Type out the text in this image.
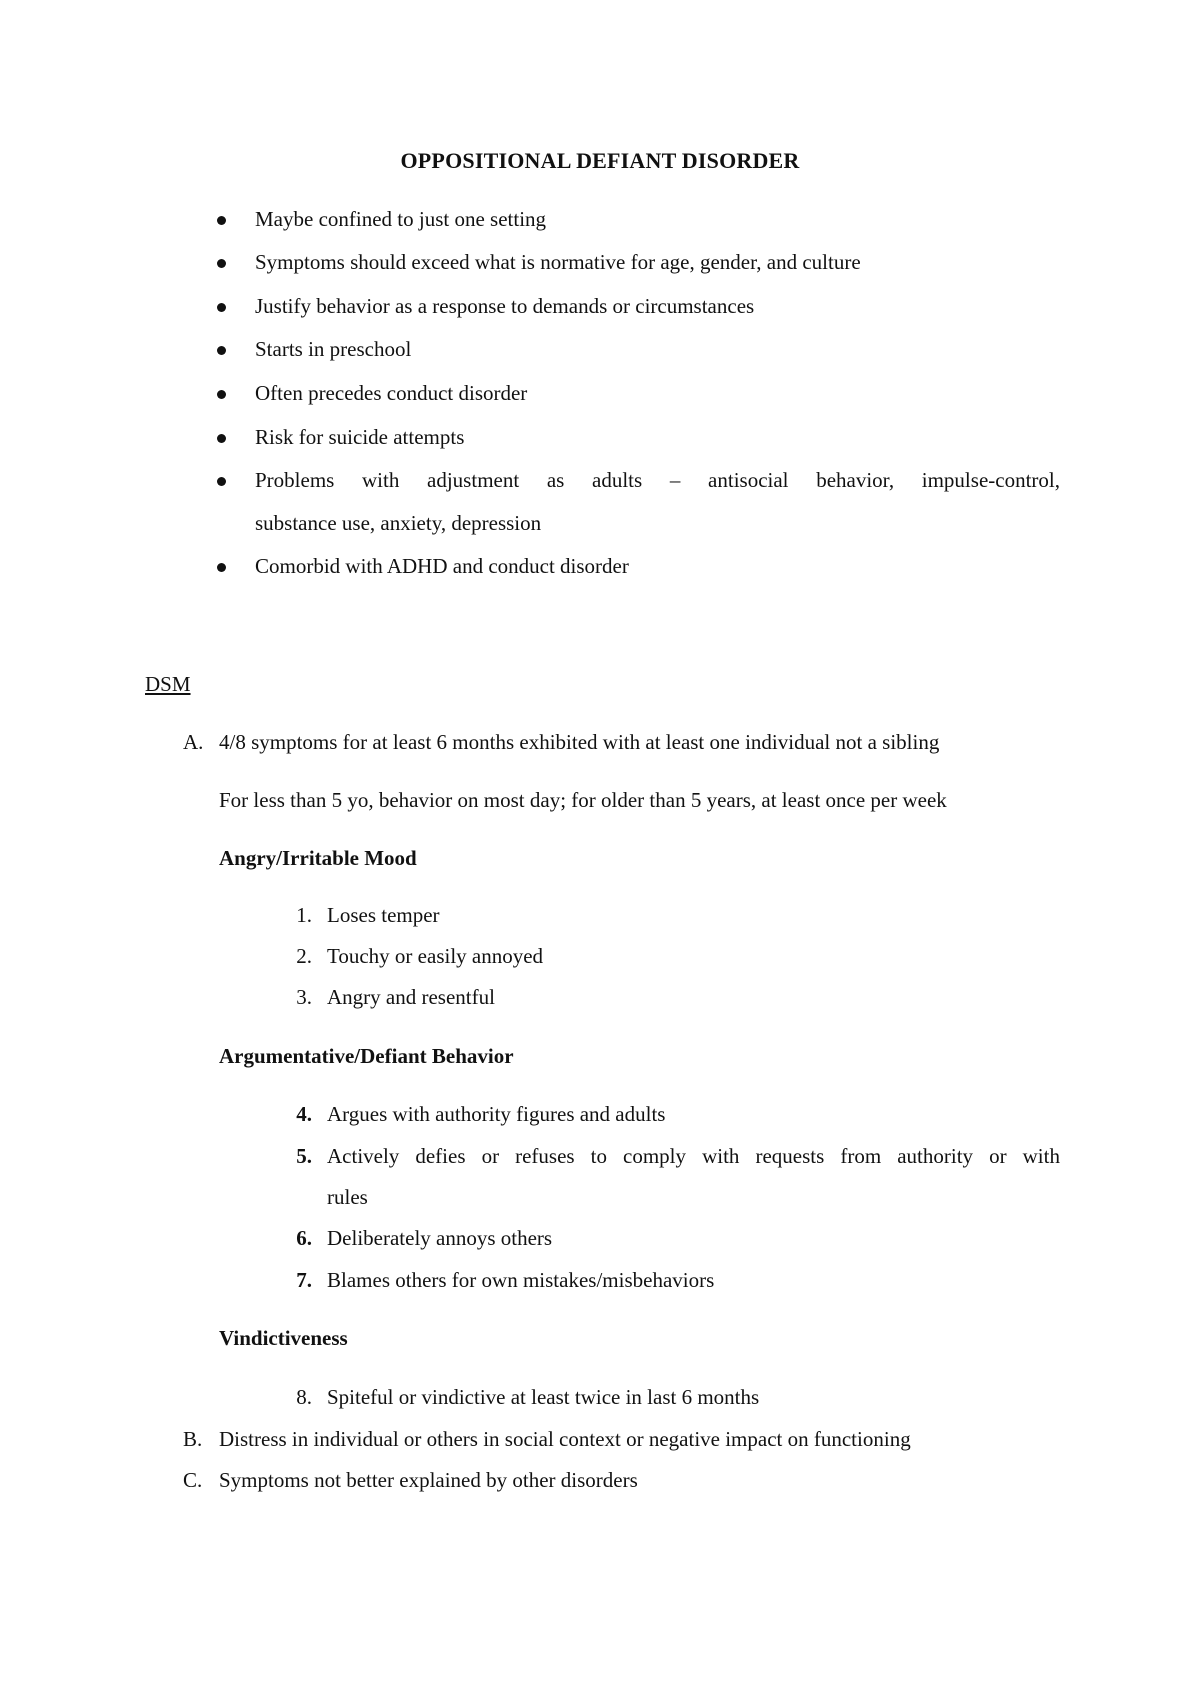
OPPOSITIONAL DEFIANT DISORDER
Maybe confined to just one setting
Symptoms should exceed what is normative for age, gender, and culture
Justify behavior as a response to demands or circumstances
Starts in preschool
Often precedes conduct disorder
Risk for suicide attempts
Problems with adjustment as adults – antisocial behavior, impulse-control,
substance use, anxiety, depression
Comorbid with ADHD and conduct disorder
DSM
A. 4/8 symptoms for at least 6 months exhibited with at least one individual not a sibling
For less than 5 yo, behavior on most day; for older than 5 years, at least once per week
Angry/Irritable Mood
1. Loses temper
2. Touchy or easily annoyed
3. Angry and resentful
Argumentative/Defiant Behavior
4. Argues with authority figures and adults
5. Actively defies or refuses to comply with requests from authority or with
rules
6. Deliberately annoys others
7. Blames others for own mistakes/misbehaviors
Vindictiveness
8. Spiteful or vindictive at least twice in last 6 months
B. Distress in individual or others in social context or negative impact on functioning
C. Symptoms not better explained by other disorders
